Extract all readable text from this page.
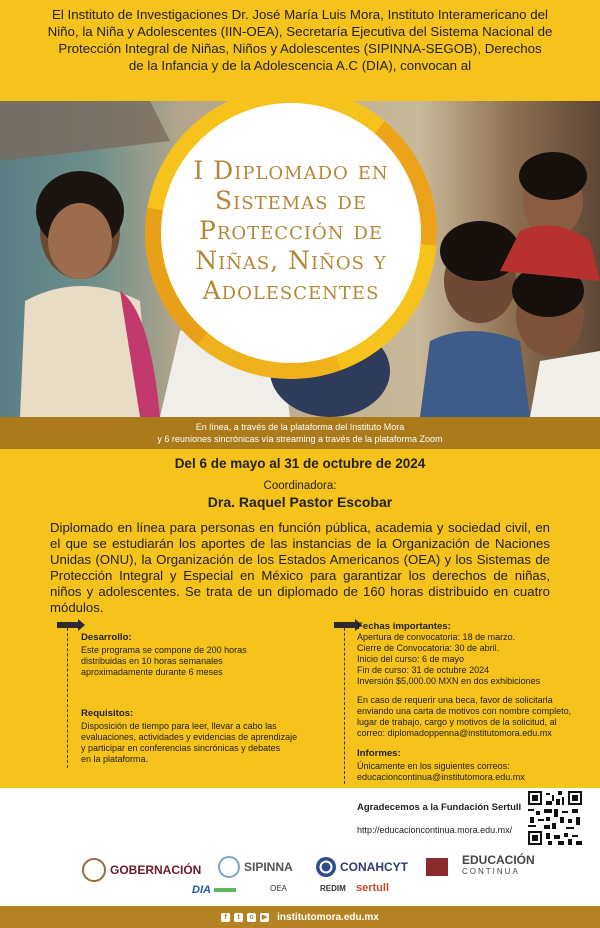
El Instituto de Investigaciones Dr. José María Luis Mora, Instituto Interamericano del
Niño, la Niña y Adolescentes (IIN-OEA), Secretaría Ejecutiva del Sistema Nacional de
Protección Integral de Niñas, Niños y Adolescentes (SIPINNA-SEGOB), Derechos
de la Infancia y de la Adolescencia A.C (DIA), convocan al
I Diplomado en
Sistemas de
Protección de
Niñas, Niños y
Adolescentes
En línea, a través de la plataforma del Instituto Mora
y 6 reuniones sincrónicas vía streaming a través de la plataforma Zoom
Del 6 de mayo al 31 de octubre de 2024
Coordinadora:
Dra. Raquel Pastor Escobar
Diplomado en línea para personas en función pública, academia y sociedad civil, en el que se estudiarán los aportes de las instancias de la Organización de Naciones Unidas (ONU), la Organización de los Estados Americanos (OEA) y los Sistemas de Protección Integral y Especial en México para garantizar los derechos de niñas, niños y adolescentes. Se trata de un diplomado de 160 horas distribuido en cuatro módulos.
Desarrollo:
Este programa se compone de 200 horas
distribuidas en 10 horas semanales
aproximadamente durante 6 meses
Requisitos:
Disposición de tiempo para leer, llevar a cabo las
evaluaciones, actividades y evidencias de aprendizaje
y participar en conferencias sincrónicas y debates
en la plataforma.
Fechas importantes:
Apertura de convocatoria: 18 de marzo.
Cierre de Convocatoria: 30 de abril.
Inicio del curso: 6 de mayo
Fin de curso: 31 de octubre 2024
Inversión $5,000.00 MXN en dos exhibiciones
En caso de requerir una beca, favor de solicitarla
enviando una carta de motivos con nombre completo,
lugar de trabajo, cargo y motivos de la solicitud, al
correo: diplomadoppenna@institutomora.edu.mx
Informes:
Únicamente en los siguientes correos:
educacioncontinua@institutomora.edu.mx
Agradecemos a la Fundación Sertull
http://educacioncontinua.mora.edu.mx/
GOBERNACIÓN	SIPINNA	CONAHCYT	EDUCACIÓN
CONTINUA
DIA	OEA	REDIM sertull
f	t	o	▶ institutomora.edu.mx
